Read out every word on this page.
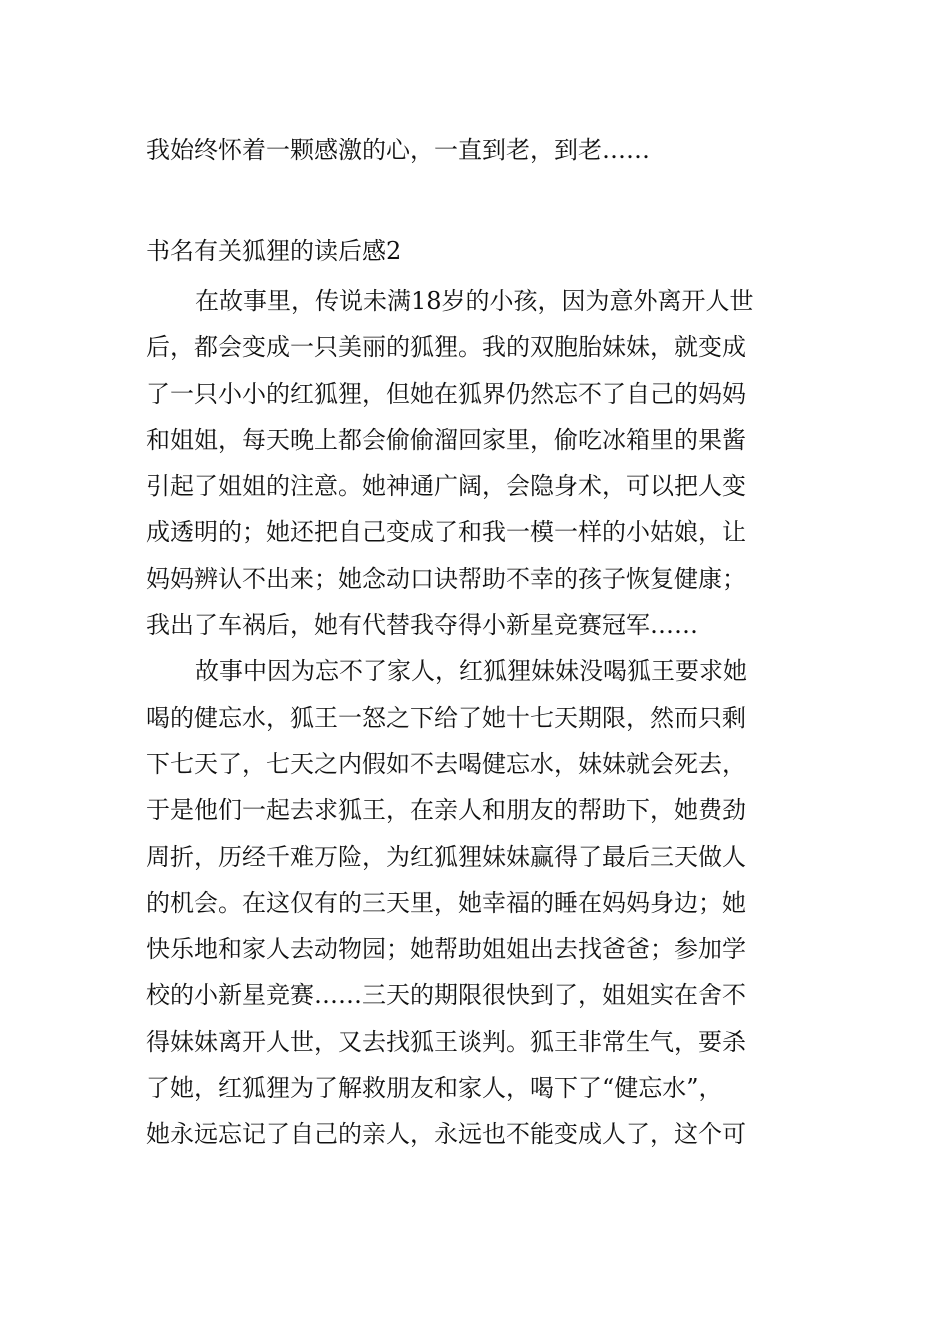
我始终怀着一颗感激的心，一直到老，到老……
书名有关狐狸的读后感2
在故事里，传说未满18岁的小孩，因为意外离开人世
后，都会变成一只美丽的狐狸。我的双胞胎妹妹，就变成
了一只小小的红狐狸，但她在狐界仍然忘不了自己的妈妈
和姐姐，每天晚上都会偷偷溜回家里，偷吃冰箱里的果酱
引起了姐姐的注意。她神通广阔，会隐身术，可以把人变
成透明的；她还把自己变成了和我一模一样的小姑娘，让
妈妈辨认不出来；她念动口诀帮助不幸的孩子恢复健康；
我出了车祸后，她有代替我夺得小新星竞赛冠军……
故事中因为忘不了家人，红狐狸妹妹没喝狐王要求她
喝的健忘水，狐王一怒之下给了她十七天期限，然而只剩
下七天了，七天之内假如不去喝健忘水，妹妹就会死去，
于是他们一起去求狐王，在亲人和朋友的帮助下，她费劲
周折，历经千难万险，为红狐狸妹妹赢得了最后三天做人
的机会。在这仅有的三天里，她幸福的睡在妈妈身边；她
快乐地和家人去动物园；她帮助姐姐出去找爸爸；参加学
校的小新星竞赛……三天的期限很快到了，姐姐实在舍不
得妹妹离开人世，又去找狐王谈判。狐王非常生气，要杀
了她，红狐狸为了解救朋友和家人，喝下了“健忘水”，
她永远忘记了自己的亲人，永远也不能变成人了，这个可
